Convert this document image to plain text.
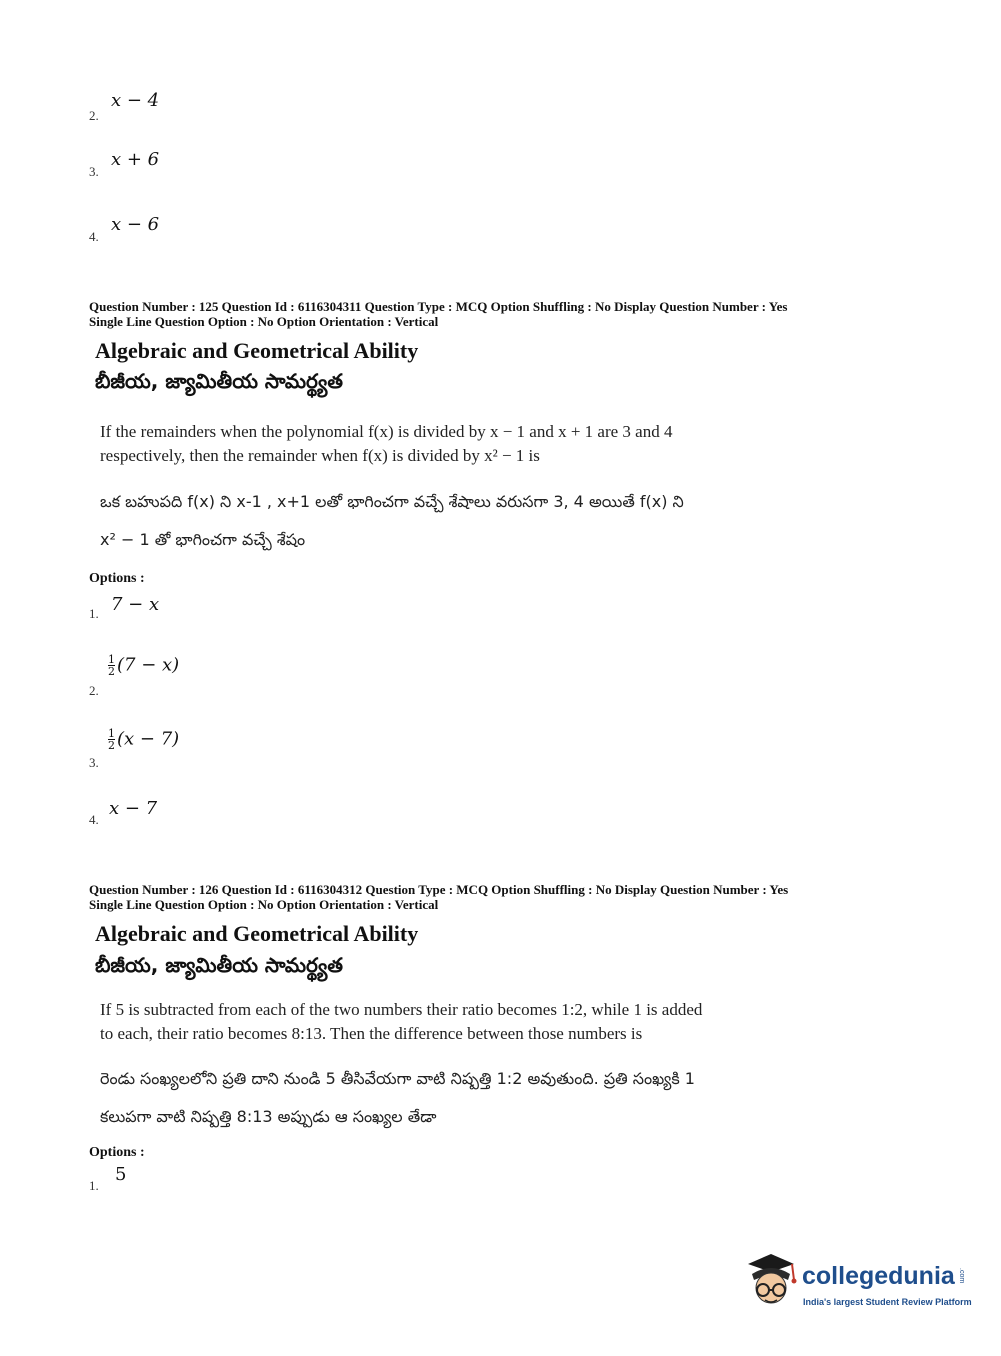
2.
x − 4
3.
x + 6
4.
x − 6
Question Number : 125 Question Id : 6116304311 Question Type : MCQ Option Shuffling : No Display Question Number : Yes
Single Line Question Option : No Option Orientation : Vertical
Algebraic and Geometrical Ability
బీజీయ, జ్యామితీయ సామర్థ్యత
If the remainders when the polynomial f(x) is divided by x − 1 and x + 1 are 3 and 4
respectively, then the remainder when f(x) is divided by x² − 1 is
ఒక బహుపది f(x) ని x-1 , x+1 లతో భాగించగా వచ్చే శేషాలు వరుసగా 3, 4 అయితే f(x) ని
x² − 1 తో భాగించగా వచ్చే శేషం
Options :
1. 7 − x
2.
$\frac{1}{2} (7 - x)$
3.
$\frac{1}{2} (x - 7)$
4.
x − 7
Question Number : 126 Question Id : 6116304312 Question Type : MCQ Option Shuffling : No Display Question Number : Yes
Single Line Question Option : No Option Orientation : Vertical
Algebraic and Geometrical Ability
బీజీయ, జ్యామితీయ సామర్థ్యత
If 5 is subtracted from each of the two numbers their ratio becomes 1:2, while 1 is added
to each, their ratio becomes 8:13. Then the difference between those numbers is
రెండు సంఖ్యలలోని ప్రతి దాని నుండి 5 తీసివేయగా వాటి నిష్పత్తి 1:2 అవుతుంది. ప్రతి సంఖ్యకి 1
కలుపగా వాటి నిష్పత్తి 8:13 అప్పుడు ఆ సంఖ్యల తేడా
Options :
1.
5
collegedunia .com
India's largest Student Review Platform
